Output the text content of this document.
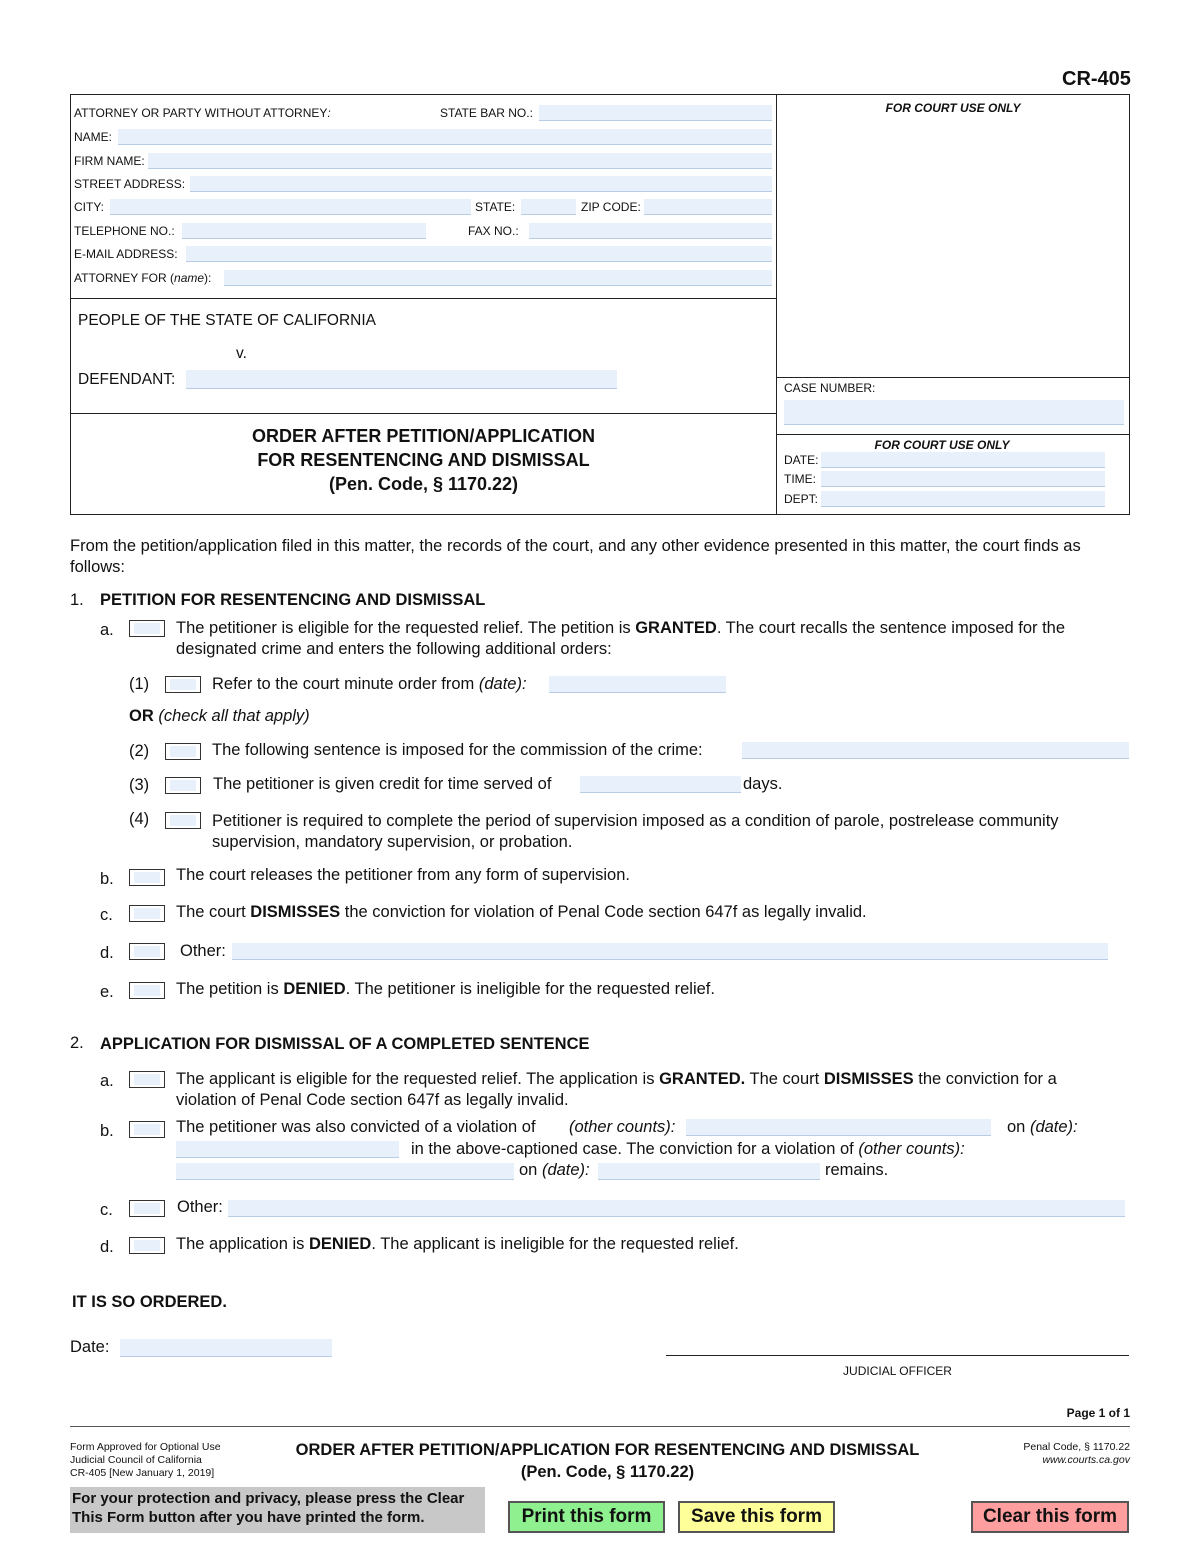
CR-405
ATTORNEY OR PARTY WITHOUT ATTORNEY:	STATE BAR NO.:
NAME:
FIRM NAME:
STREET ADDRESS:
CITY:	STATE:	ZIP CODE:
TELEPHONE NO.:	FAX NO.:
E-MAIL ADDRESS:
ATTORNEY FOR (name):
FOR COURT USE ONLY
PEOPLE OF THE STATE OF CALIFORNIA
v.
DEFENDANT:	CASE NUMBER:
FOR COURT USE ONLY
DATE:
TIME:
DEPT:
ORDER AFTER PETITION/APPLICATION
FOR RESENTENCING AND DISMISSAL
(Pen. Code, § 1170.22)
From the petition/application filed in this matter, the records of the court, and any other evidence presented in this matter, the court finds as follows:
1. PETITION FOR RESENTENCING AND DISMISSAL
a.	The petitioner is eligible for the requested relief. The petition is GRANTED. The court recalls the sentence imposed for the
designated crime and enters the following additional orders:
(1)	Refer to the court minute order from (date):
OR (check all that apply)
(2)	The following sentence is imposed for the commission of the crime:
(3)	The petitioner is given credit for time served of	days.
(4)	Petitioner is required to complete the period of supervision imposed as a condition of parole, postrelease community
supervision, mandatory supervision, or probation.
b.	The court releases the petitioner from any form of supervision.
c.	The court DISMISSES the conviction for violation of Penal Code section 647f as legally invalid.
d.	Other:
e.	The petition is DENIED. The petitioner is ineligible for the requested relief.
2. APPLICATION FOR DISMISSAL OF A COMPLETED SENTENCE
a.	The applicant is eligible for the requested relief. The application is GRANTED. The court DISMISSES the conviction for a
violation of Penal Code section 647f as legally invalid.
b.	The petitioner was also convicted of a violation of (other counts):	on (date):
in the above-captioned case. The conviction for a violation of (other counts):
on (date):	remains.
c.	Other:
d.	The application is DENIED. The applicant is ineligible for the requested relief.
IT IS SO ORDERED.
Date:
JUDICIAL OFFICER
Page 1 of 1
Form Approved for Optional Use
Judicial Council of California
CR-405 [New January 1, 2019]
ORDER AFTER PETITION/APPLICATION FOR RESENTENCING AND DISMISSAL
(Pen. Code, § 1170.22)
Penal Code, § 1170.22
www.courts.ca.gov
For your protection and privacy, please press the Clear
This Form button after you have printed the form.	Print this form	Save this form	Clear this form
